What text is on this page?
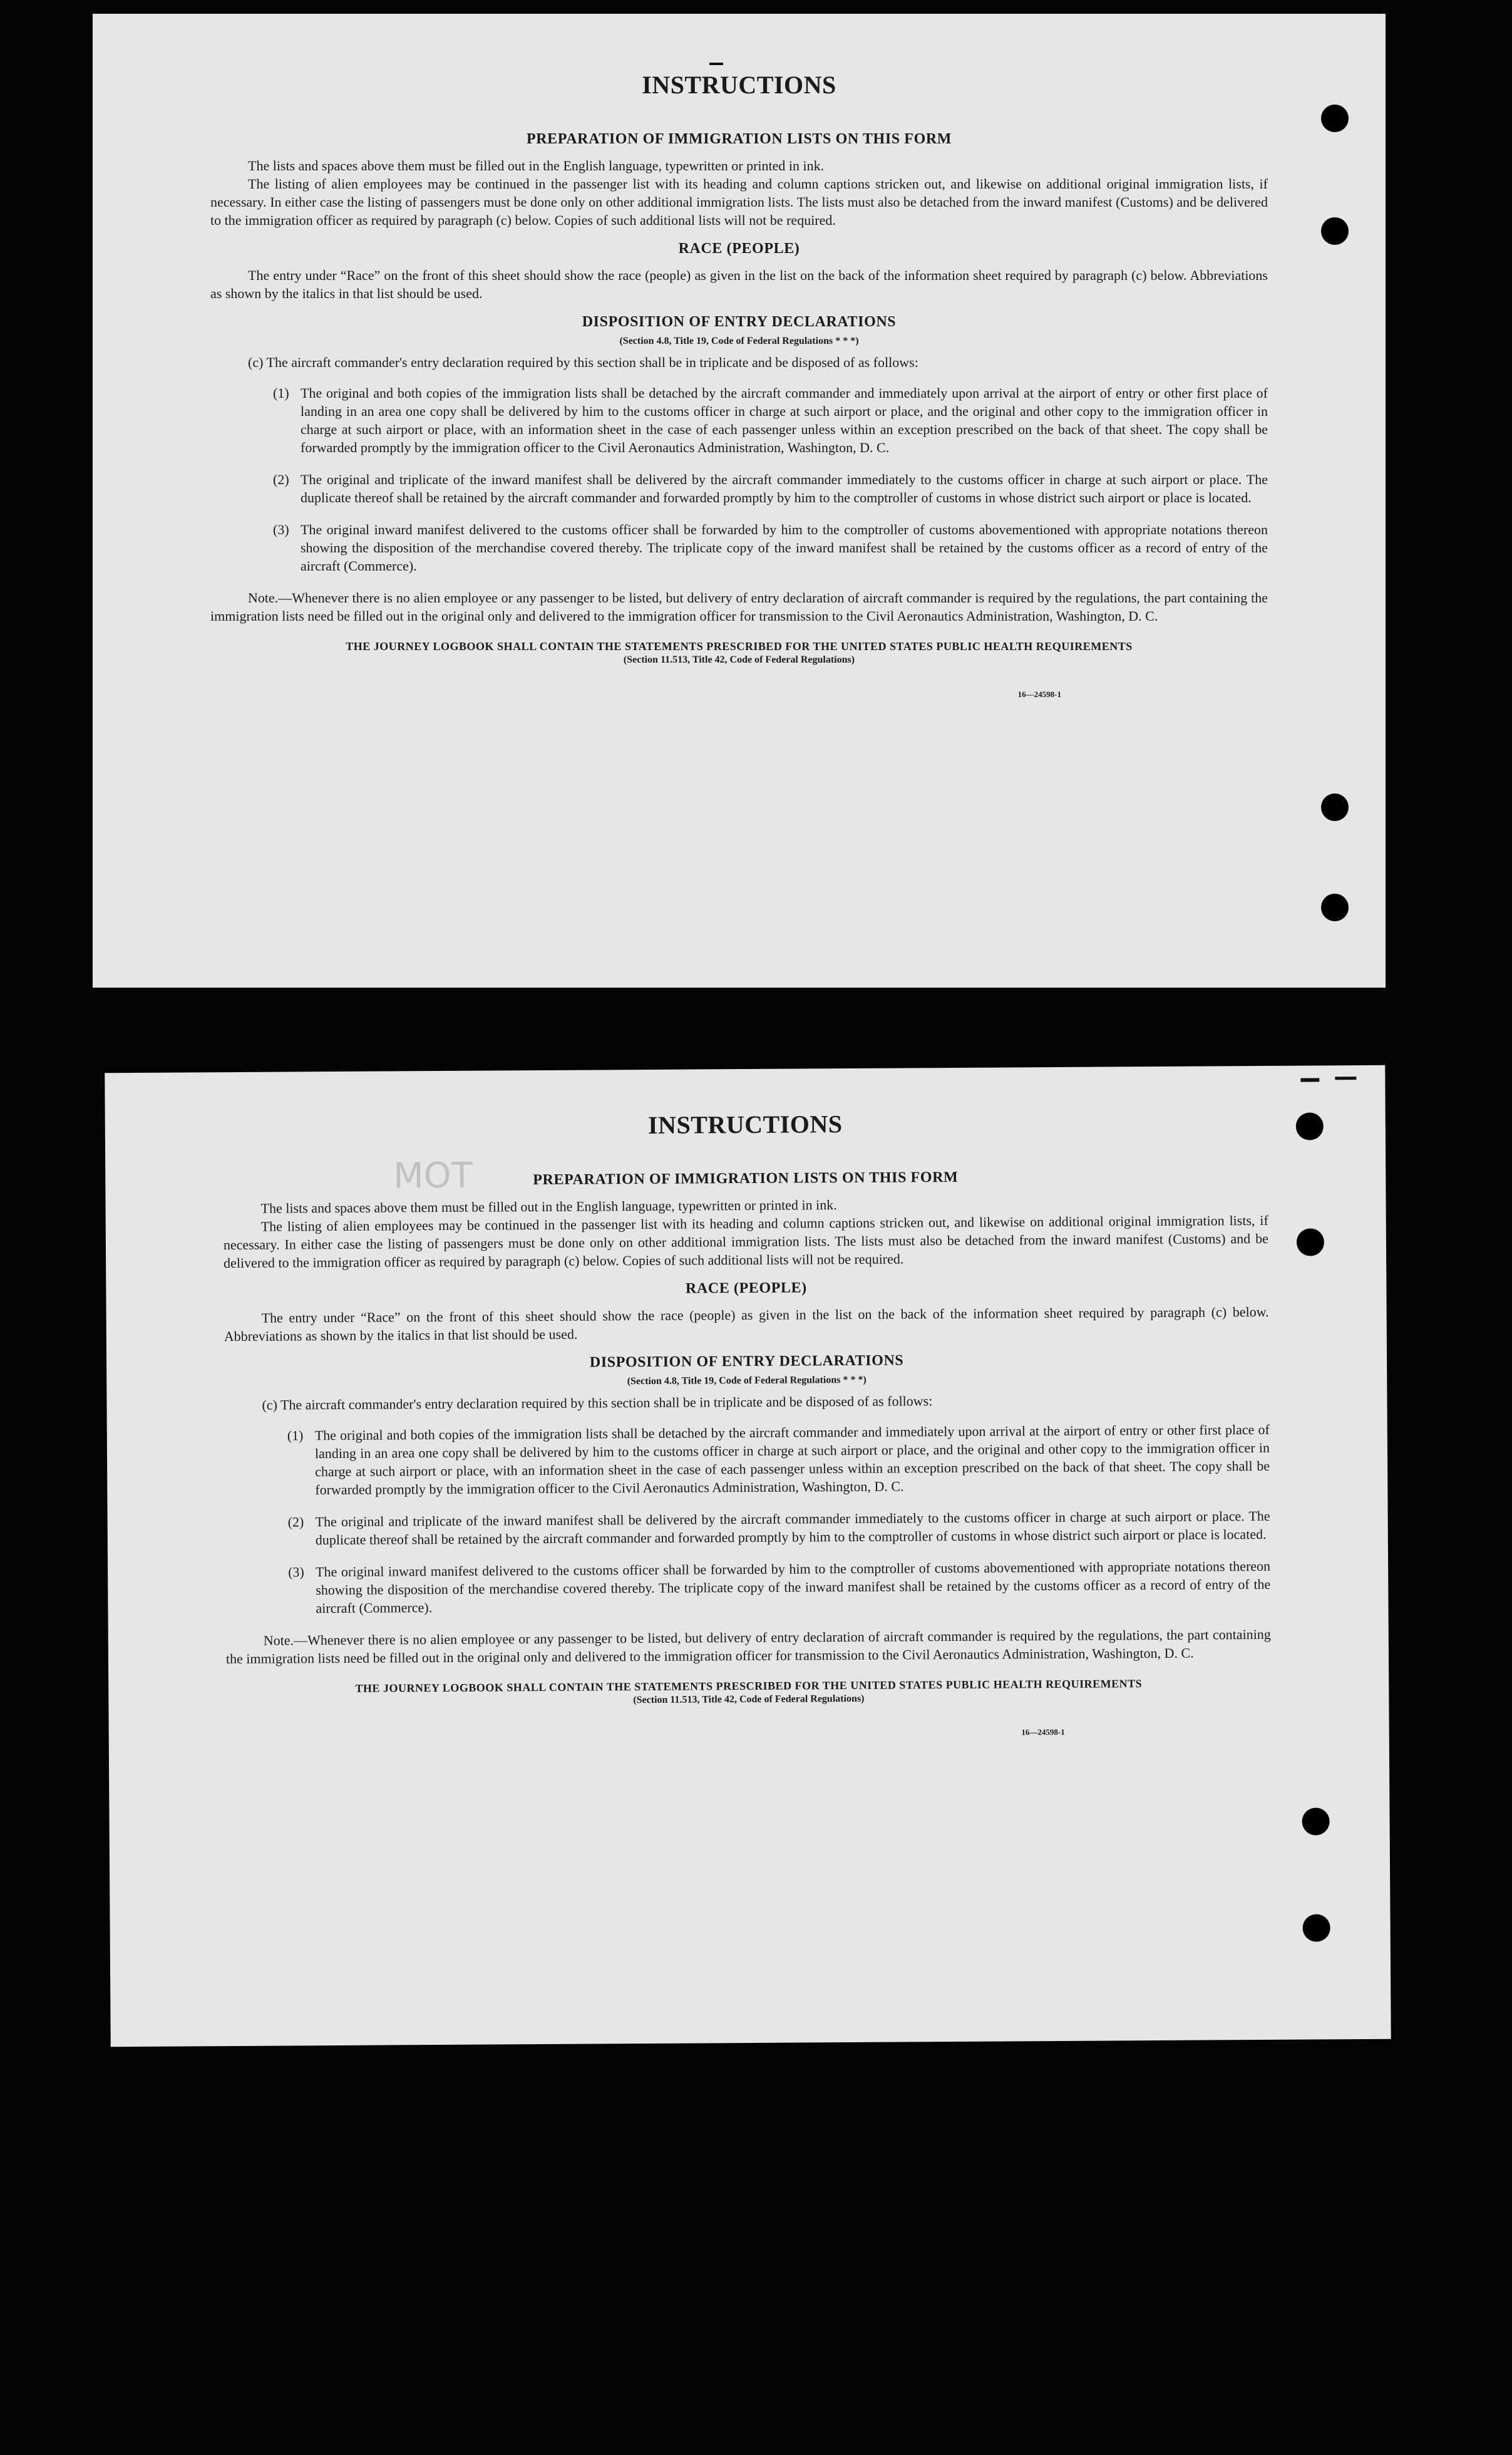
INSTRUCTIONS
PREPARATION OF IMMIGRATION LISTS ON THIS FORM

The lists and spaces above them must be filled out in the English language, typewritten or printed in ink.

The listing of alien employees may be continued in the passenger list with its heading and column captions stricken out, and likewise on additional original immigration lists, if necessary. In either case the listing of passengers must be done only on other additional immigration lists. The lists must also be detached from the inward manifest (Customs) and be delivered to the immigration officer as required by paragraph (c) below. Copies of such additional lists will not be required.

RACE (PEOPLE)

The entry under “Race” on the front of this sheet should show the race (people) as given in the list on the back of the information sheet required by paragraph (c) below. Abbreviations as shown by the italics in that list should be used.

DISPOSITION OF ENTRY DECLARATIONS
(Section 4.8, Title 19, Code of Federal Regulations * * *)

(c) The aircraft commander's entry declaration required by this section shall be in triplicate and be disposed of as follows:

(1) The original and both copies of the immigration lists shall be detached by the aircraft commander and immediately upon arrival at the airport of entry or other first place of landing in an area one copy shall be delivered by him to the customs officer in charge at such airport or place, and the original and other copy to the immigration officer in charge at such airport or place, with an information sheet in the case of each passenger unless within an exception prescribed on the back of that sheet. The copy shall be forwarded promptly by the immigration officer to the Civil Aeronautics Administration, Washington, D. C.
(2) The original and triplicate of the inward manifest shall be delivered by the aircraft commander immediately to the customs officer in charge at such airport or place. The duplicate thereof shall be retained by the aircraft commander and forwarded promptly by him to the comptroller of customs in whose district such airport or place is located.
(3) The original inward manifest delivered to the customs officer shall be forwarded by him to the comptroller of customs abovementioned with appropriate notations thereon showing the disposition of the merchandise covered thereby. The triplicate copy of the inward manifest shall be retained by the customs officer as a record of entry of the aircraft (Commerce).

Note.—Whenever there is no alien employee or any passenger to be listed, but delivery of entry declaration of aircraft commander is required by the regulations, the part containing the immigration lists need be filled out in the original only and delivered to the immigration officer for transmission to the Civil Aeronautics Administration, Washington, D. C.

THE JOURNEY LOGBOOK SHALL CONTAIN THE STATEMENTS PRESCRIBED FOR THE UNITED STATES PUBLIC HEALTH REQUIREMENTS
(Section 11.513, Title 42, Code of Federal Regulations)
16—24598-1
MOT
INSTRUCTIONS
PREPARATION OF IMMIGRATION LISTS ON THIS FORM

The lists and spaces above them must be filled out in the English language, typewritten or printed in ink.

The listing of alien employees may be continued in the passenger list with its heading and column captions stricken out, and likewise on additional original immigration lists, if necessary. In either case the listing of passengers must be done only on other additional immigration lists. The lists must also be detached from the inward manifest (Customs) and be delivered to the immigration officer as required by paragraph (c) below. Copies of such additional lists will not be required.

RACE (PEOPLE)

The entry under “Race” on the front of this sheet should show the race (people) as given in the list on the back of the information sheet required by paragraph (c) below. Abbreviations as shown by the italics in that list should be used.

DISPOSITION OF ENTRY DECLARATIONS
(Section 4.8, Title 19, Code of Federal Regulations * * *)

(c) The aircraft commander's entry declaration required by this section shall be in triplicate and be disposed of as follows:

(1) The original and both copies of the immigration lists shall be detached by the aircraft commander and immediately upon arrival at the airport of entry or other first place of landing in an area one copy shall be delivered by him to the customs officer in charge at such airport or place, and the original and other copy to the immigration officer in charge at such airport or place, with an information sheet in the case of each passenger unless within an exception prescribed on the back of that sheet. The copy shall be forwarded promptly by the immigration officer to the Civil Aeronautics Administration, Washington, D. C.
(2) The original and triplicate of the inward manifest shall be delivered by the aircraft commander immediately to the customs officer in charge at such airport or place. The duplicate thereof shall be retained by the aircraft commander and forwarded promptly by him to the comptroller of customs in whose district such airport or place is located.
(3) The original inward manifest delivered to the customs officer shall be forwarded by him to the comptroller of customs abovementioned with appropriate notations thereon showing the disposition of the merchandise covered thereby. The triplicate copy of the inward manifest shall be retained by the customs officer as a record of entry of the aircraft (Commerce).

Note.—Whenever there is no alien employee or any passenger to be listed, but delivery of entry declaration of aircraft commander is required by the regulations, the part containing the immigration lists need be filled out in the original only and delivered to the immigration officer for transmission to the Civil Aeronautics Administration, Washington, D. C.

THE JOURNEY LOGBOOK SHALL CONTAIN THE STATEMENTS PRESCRIBED FOR THE UNITED STATES PUBLIC HEALTH REQUIREMENTS
(Section 11.513, Title 42, Code of Federal Regulations)
16—24598-1
